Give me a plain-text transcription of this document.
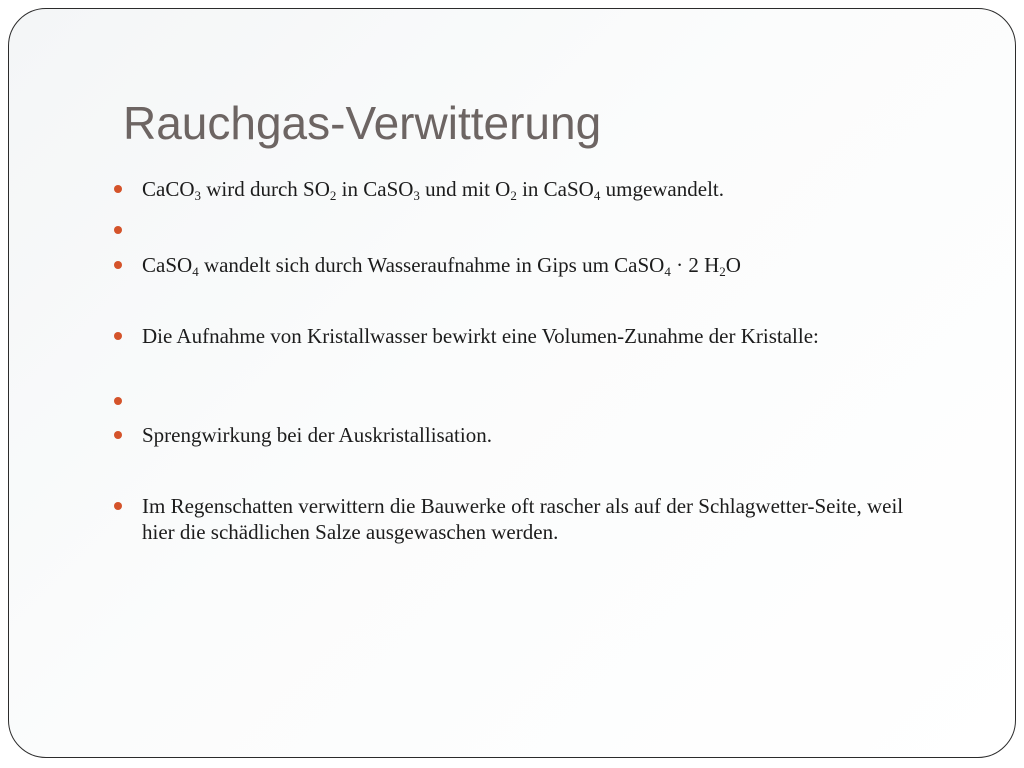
Rauchgas-Verwitterung
CaCO$_3$ wird durch $SO_2$ in CaSO$_3$ und mit $O_2$ in CaSO$_4$ umgewandelt.
CaSO$_4$ wandelt sich durch Wasseraufnahme in Gips um CaSO$_4$ · 2 $H_2O$
Die Aufnahme von Kristallwasser bewirkt eine Volumen-Zunahme der Kristalle:
Sprengwirkung bei der Auskristallisation.
Im Regenschatten verwittern die Bauwerke oft rascher als auf der Schlagwetter-Seite, weil hier die schädlichen Salze ausgewaschen werden.
